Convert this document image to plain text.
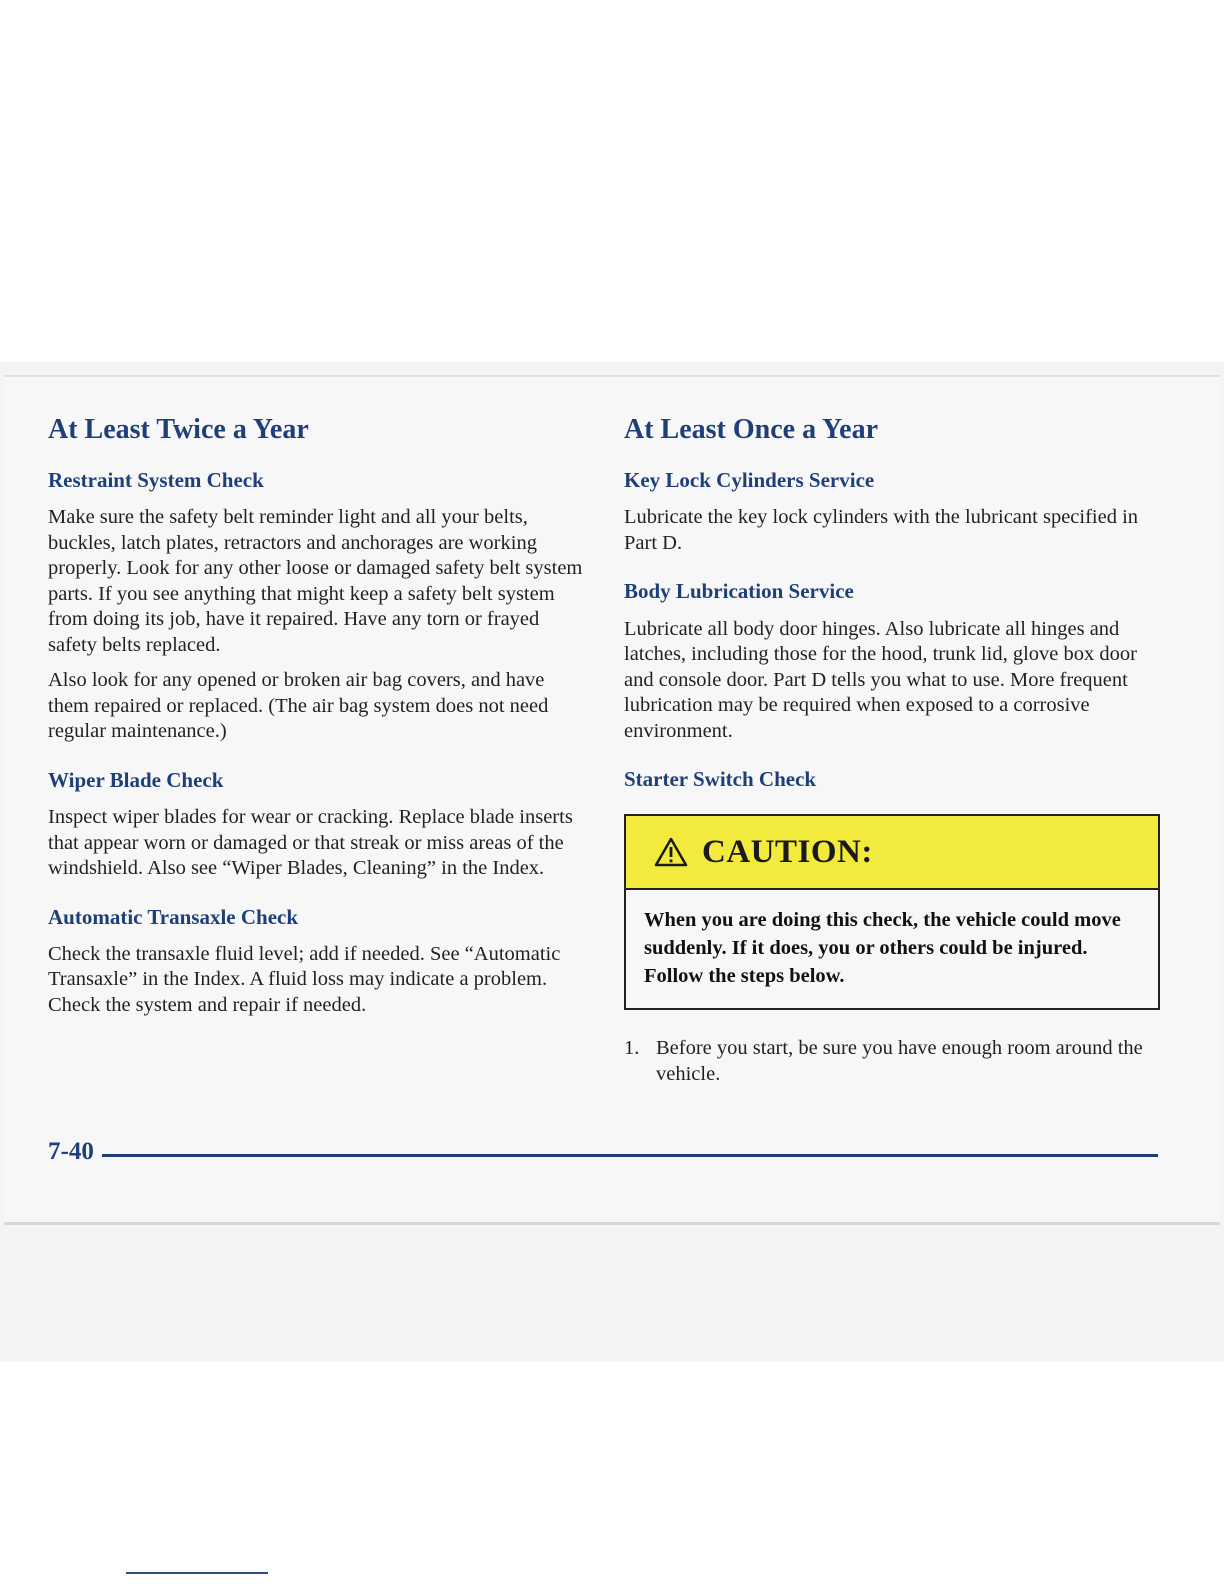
At Least Twice a Year
Restraint System Check

Make sure the safety belt reminder light and all your belts, buckles, latch plates, retractors and anchorages are working properly. Look for any other loose or damaged safety belt system parts. If you see anything that might keep a safety belt system from doing its job, have it repaired. Have any torn or frayed safety belts replaced.

Also look for any opened or broken air bag covers, and have them repaired or replaced. (The air bag system does not need regular maintenance.)

Wiper Blade Check

Inspect wiper blades for wear or cracking. Replace blade inserts that appear worn or damaged or that streak or miss areas of the windshield. Also see “Wiper Blades, Cleaning” in the Index.

Automatic Transaxle Check

Check the transaxle fluid level; add if needed. See “Automatic Transaxle” in the Index. A fluid loss may indicate a problem. Check the system and repair if needed.

At Least Once a Year
Key Lock Cylinders Service

Lubricate the key lock cylinders with the lubricant specified in Part D.

Body Lubrication Service

Lubricate all body door hinges. Also lubricate all hinges and latches, including those for the hood, trunk lid, glove box door and console door. Part D tells you what to use. More frequent lubrication may be required when exposed to a corrosive environment.

Starter Switch Check
CAUTION:
When you are doing this check, the vehicle could move suddenly. If it does, you or others could be injured. Follow the steps below.
1. Before you start, be sure you have enough room around the vehicle.
7-40
